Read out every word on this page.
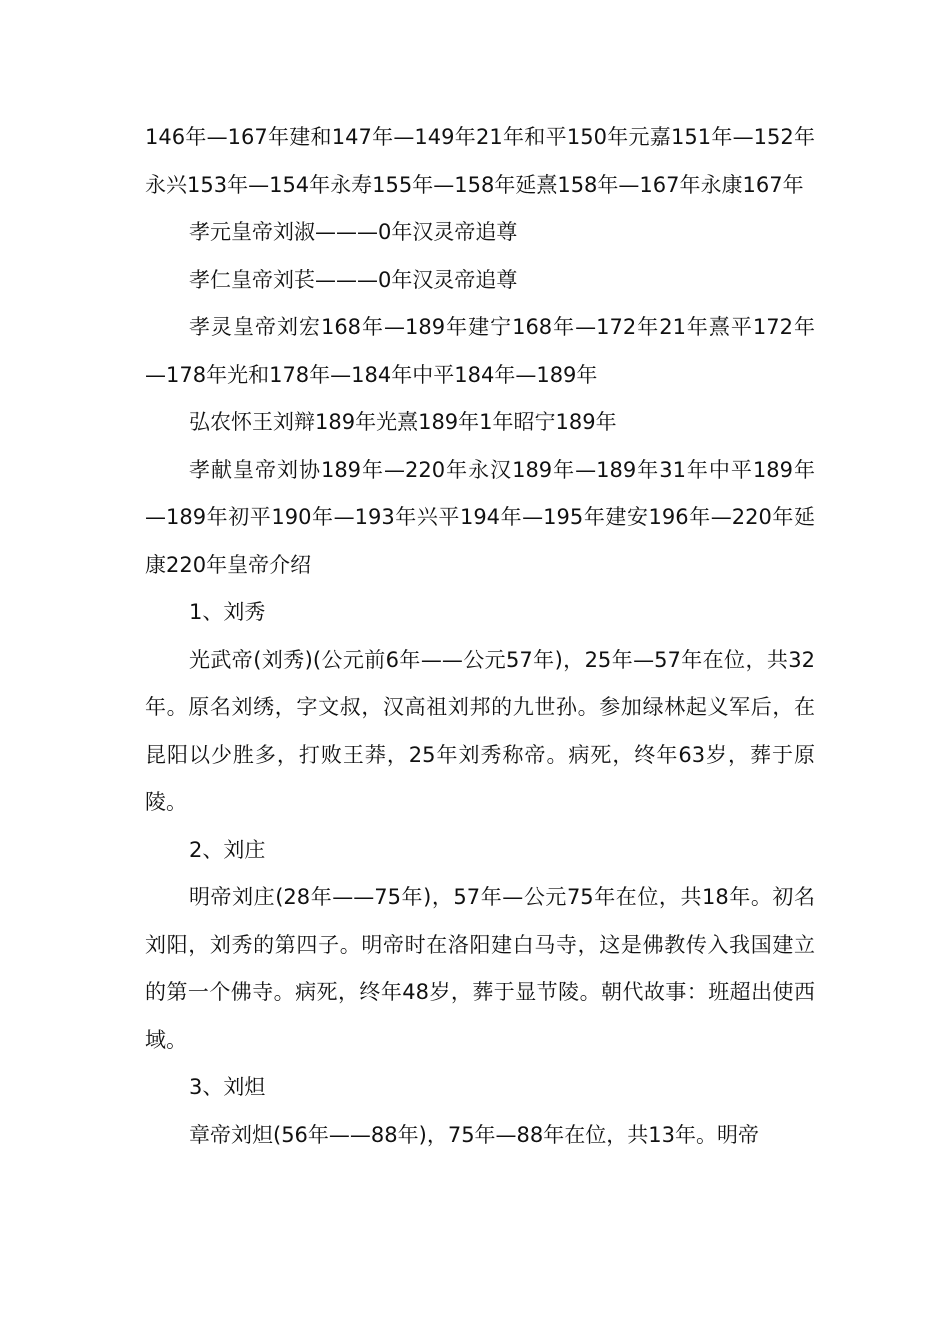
146年—167年建和147年—149年21年和平150年元嘉151年—152年永兴153年—154年永寿155年—158年延熹158年—167年永康167年

孝元皇帝刘淑———0年汉灵帝追尊

孝仁皇帝刘苌———0年汉灵帝追尊

孝灵皇帝刘宏168年—189年建宁168年—172年21年熹平172年—178年光和178年—184年中平184年—189年

弘农怀王刘辩189年光熹189年1年昭宁189年

孝献皇帝刘协189年—220年永汉189年—189年31年中平189年—189年初平190年—193年兴平194年—195年建安196年—220年延康220年皇帝介绍

1、刘秀

光武帝(刘秀)(公元前6年——公元57年)，25年—57年在位，共32年。原名刘绣，字文叔，汉高祖刘邦的九世孙。参加绿林起义军后，在昆阳以少胜多，打败王莽，25年刘秀称帝。病死，终年63岁，葬于原陵。

2、刘庄

明帝刘庄(28年——75年)，57年—公元75年在位，共18年。初名刘阳，刘秀的第四子。明帝时在洛阳建白马寺，这是佛教传入我国建立的第一个佛寺。病死，终年48岁，葬于显节陵。朝代故事：班超出使西域。

3、刘炟

章帝刘炟(56年——88年)，75年—88年在位，共13年。明帝
